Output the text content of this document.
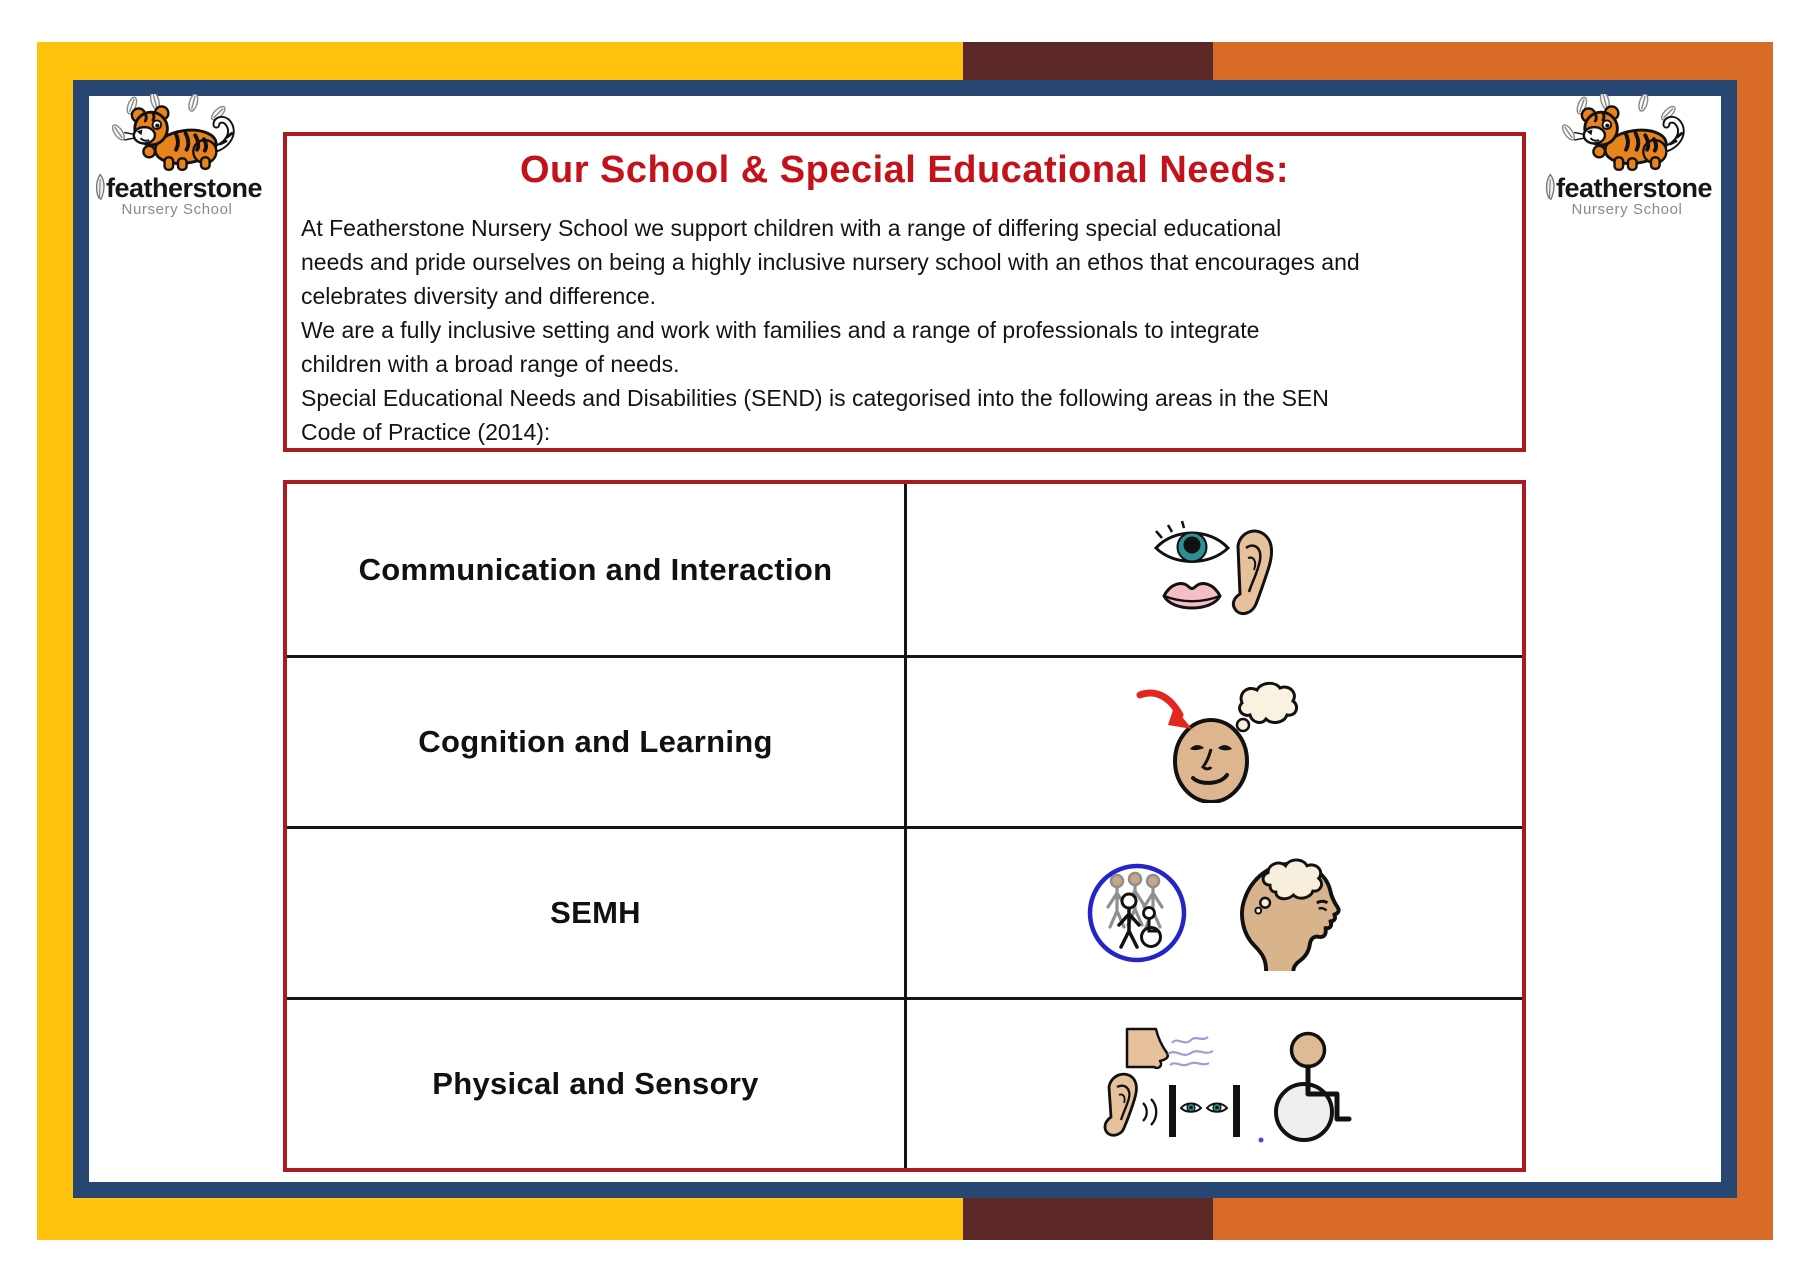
featherstone
Nursery School
featherstone
Nursery School
Our School & Special Educational Needs:
At Featherstone Nursery School we support children with a range of differing special educational
needs and pride ourselves on being a highly inclusive nursery school with an ethos that encourages and
celebrates diversity and difference.
We are a fully inclusive setting and work with families and a range of professionals to integrate
children with a broad range of needs.
Special Educational Needs and Disabilities (SEND) is categorised into the following areas in the SEN
Code of Practice (2014):
Communication and Interaction
Cognition and Learning
SEMH
Physical and Sensory
